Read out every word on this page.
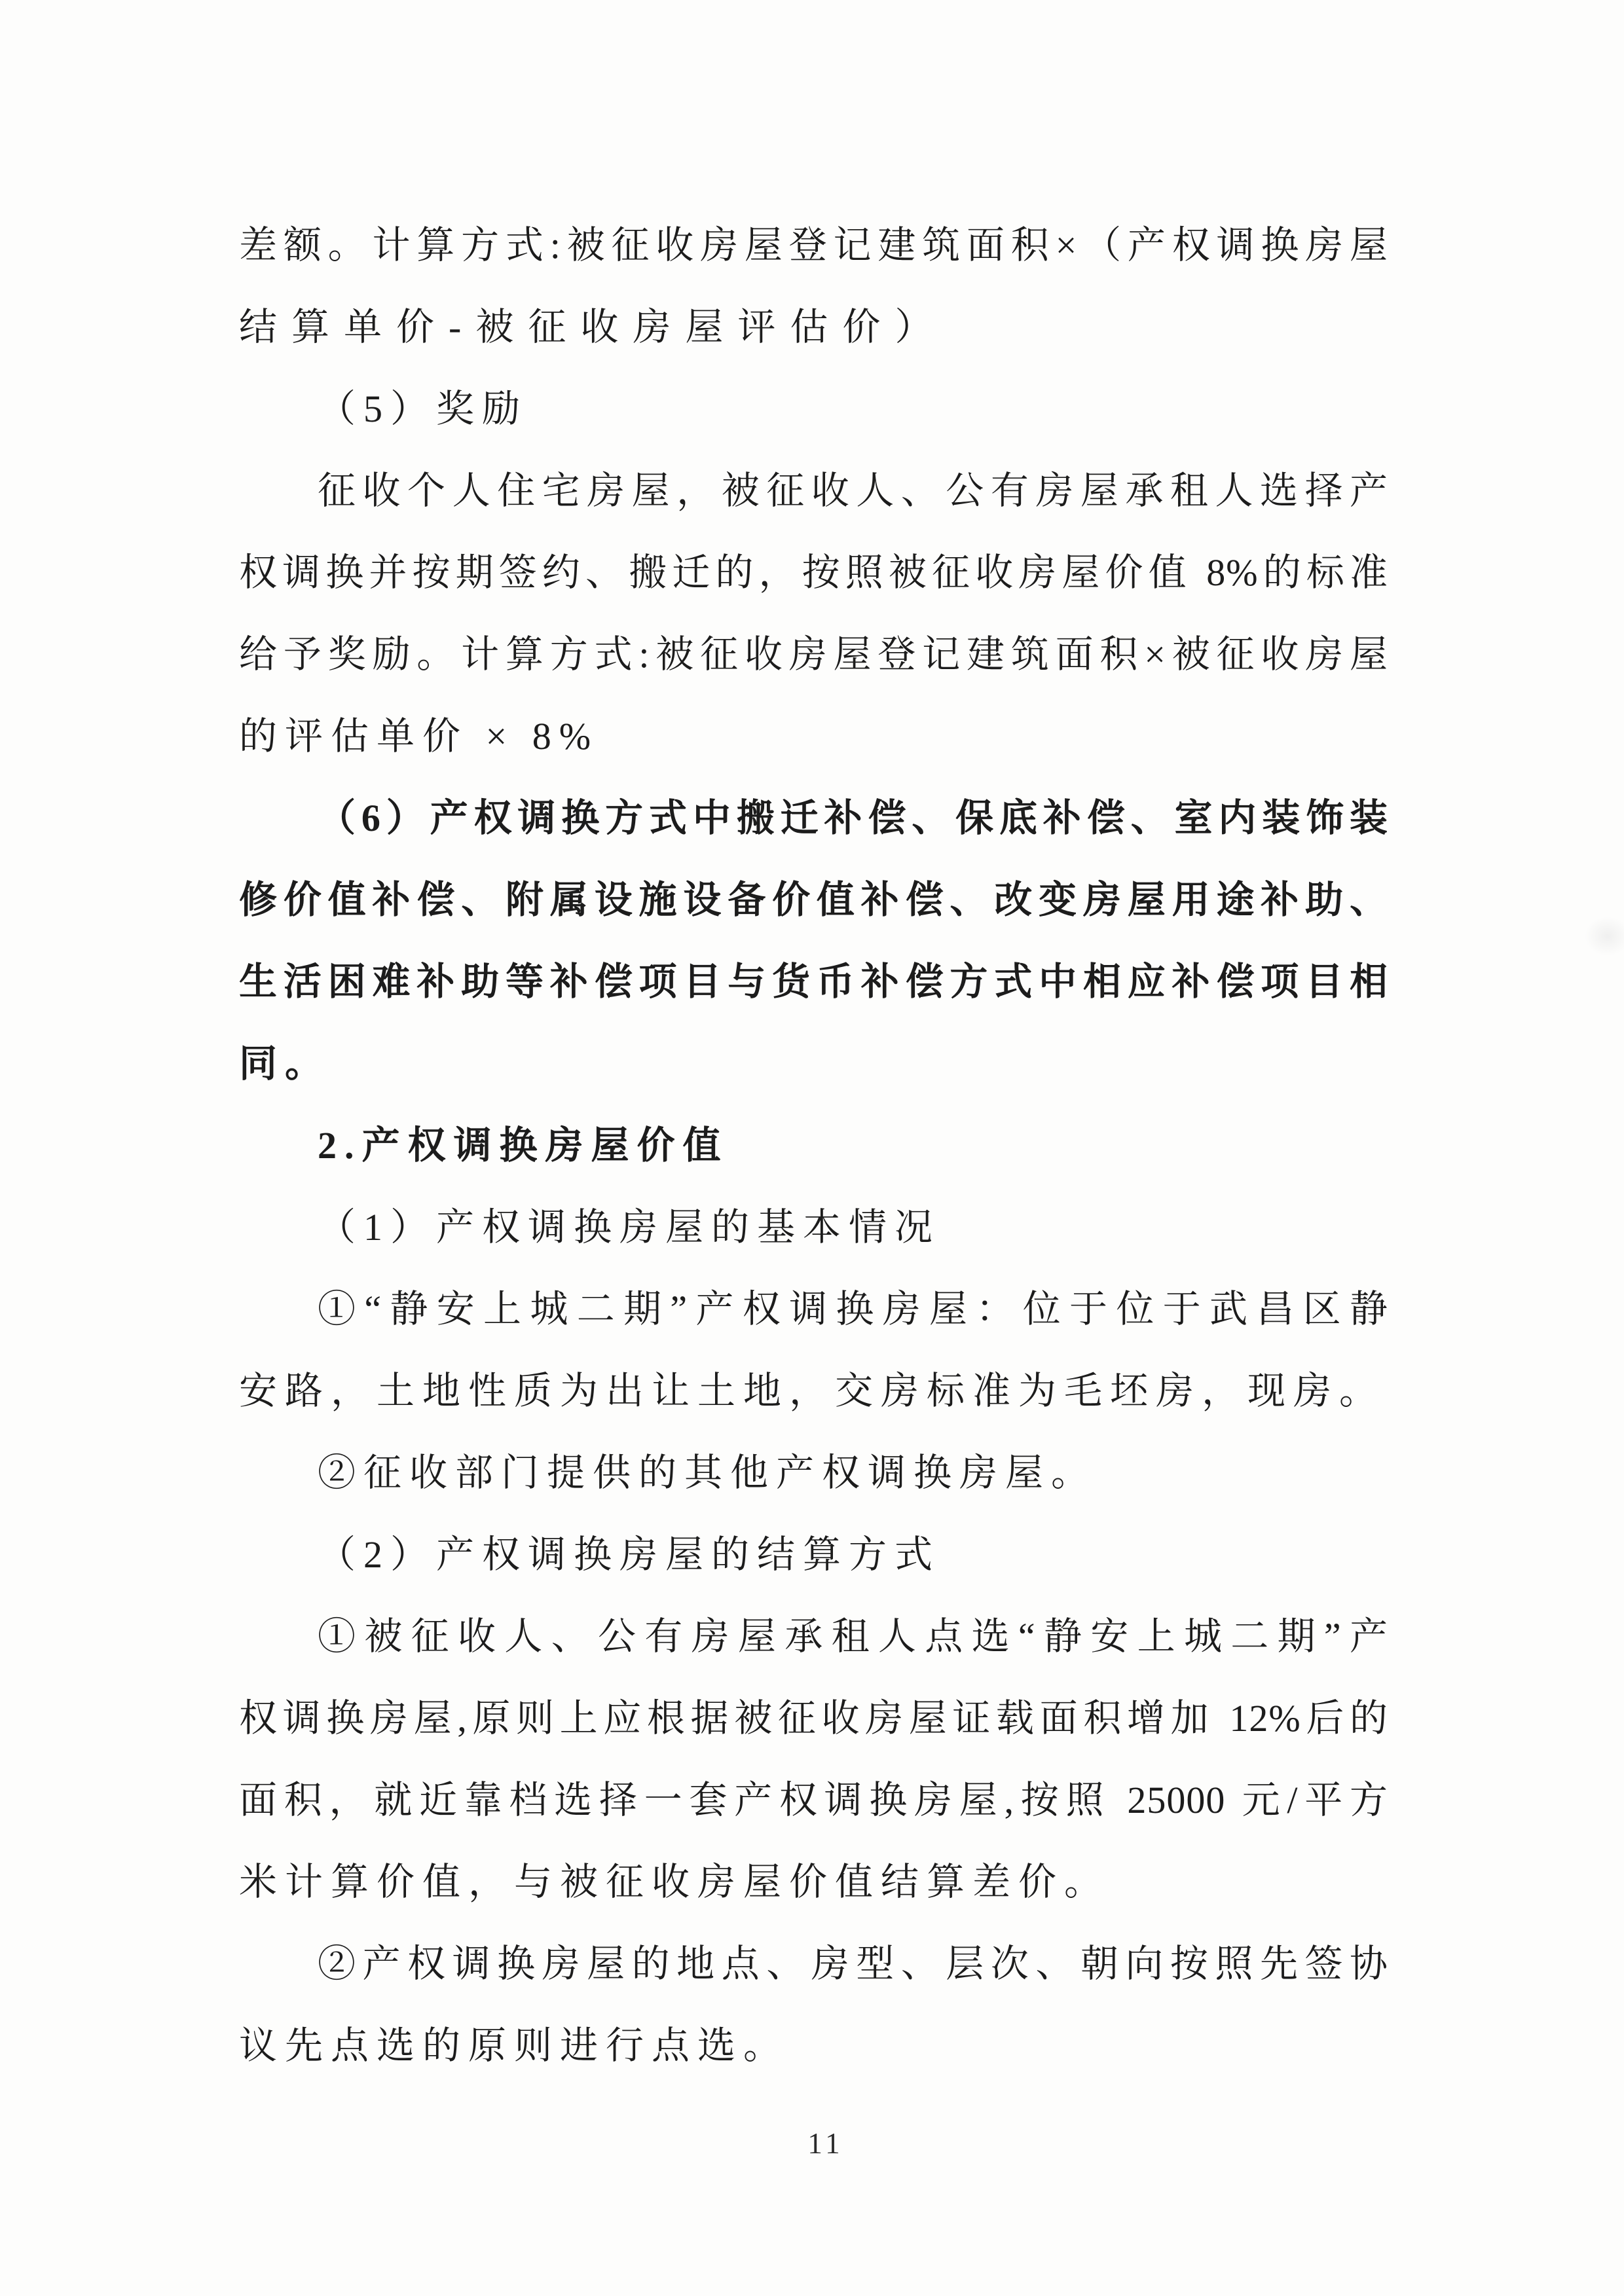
差额。计算方式:被征收房屋登记建筑面积×（产权调换房屋
结算单价-被征收房屋评估价）
（5）奖励
征收个人住宅房屋，被征收人、公有房屋承租人选择产
权调换并按期签约、搬迁的，按照被征收房屋价值 8%的标准
给予奖励。计算方式:被征收房屋登记建筑面积×被征收房屋
的评估单价 × 8%
（6）产权调换方式中搬迁补偿、保底补偿、室内装饰装
修价值补偿、附属设施设备价值补偿、改变房屋用途补助、
生活困难补助等补偿项目与货币补偿方式中相应补偿项目相
同。
2.产权调换房屋价值
（1）产权调换房屋的基本情况
①“静安上城二期”产权调换房屋：位于位于武昌区静
安路，土地性质为出让土地，交房标准为毛坯房，现房。
②征收部门提供的其他产权调换房屋。
（2）产权调换房屋的结算方式
①被征收人、公有房屋承租人点选“静安上城二期”产
权调换房屋,原则上应根据被征收房屋证载面积增加 12%后的
面积，就近靠档选择一套产权调换房屋,按照 25000 元/平方
米计算价值，与被征收房屋价值结算差价。
②产权调换房屋的地点、房型、层次、朝向按照先签协
议先点选的原则进行点选。
11
